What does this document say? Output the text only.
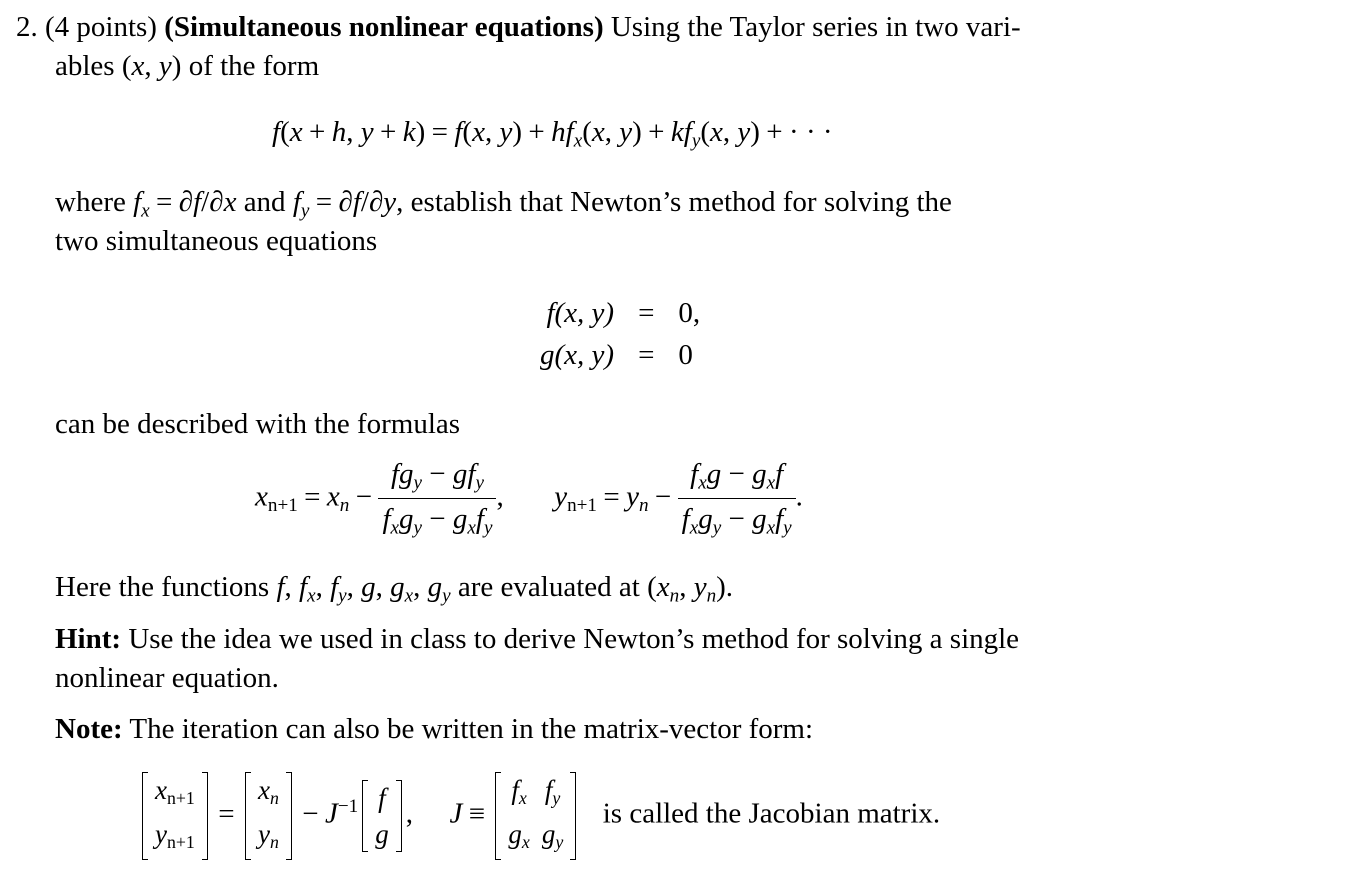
2. (4 points) (Simultaneous nonlinear equations) Using the Taylor series in two vari-
ables (x, y) of the form
f(x + h, y + k) = f(x, $y) + hf_x(x$, $y) + kf_y(x$, y) + · · ·
where $f_x = \partial f/\partial x$ and $f_y = \partial f/\partial y$, establish that Newton’s method for solving the
two simultaneous equations
f(x, y)	=	0,
g(x, y)	=	0
can be described with the formulas
$xn+1 = x_n - \frac{fg_y - gf_y}{f_xg_y - g_xf_y}$ ,  $yn+1 = y_n - \frac{f_xg - g_xf}{f_xg_y - g_xf_y}$ .
Here the functions f, $f_x$, $f_y$, g, $g_x$, $g_y$ are evaluated at ($x_n$, $y_n$).
Hint: Use the idea we used in class to derive Newton’s method for solving a single
nonlinear equation.
Note: The iteration can also be written in the matrix-vector form:
xn+1
yn+1
=
$x_n$
$y_n$
− $J^{-1}$ f
g
,  J ≡
$f_x$	$f_y$
$g_x$	$g_y$
is called the Jacobian matrix.
